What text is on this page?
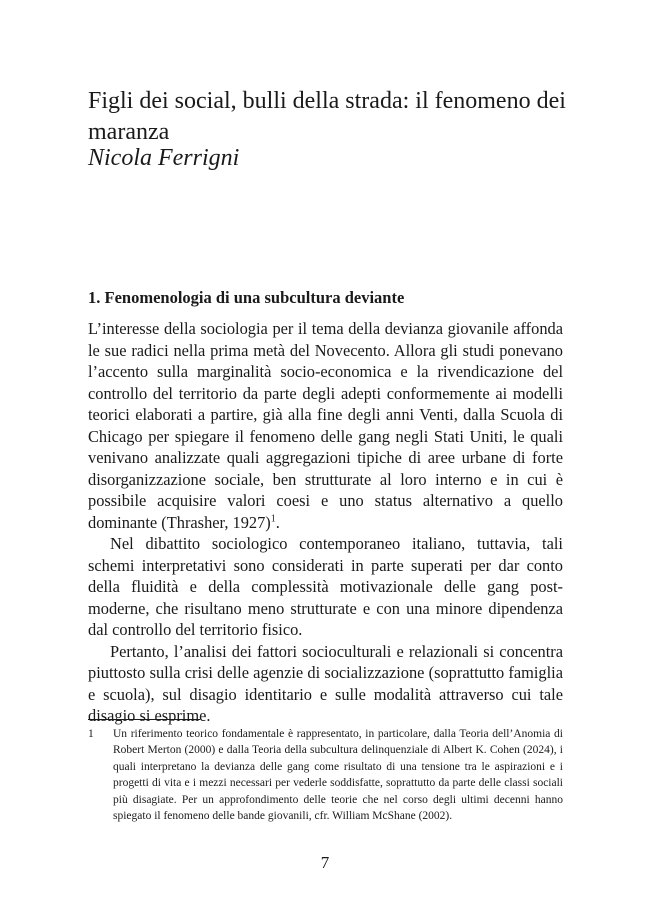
Figli dei social, bulli della strada: il fenomeno dei maranza
Nicola Ferrigni
1. Fenomenologia di una subcultura deviante

L’interesse della sociologia per il tema della devianza giovanile affonda le sue radici nella prima metà del Novecento. Allora gli studi ponevano l’accento sulla marginalità socio-economica e la rivendicazione del controllo del territorio da parte degli adepti conformemente ai modelli teorici elaborati a partire, già alla fine degli anni Venti, dalla Scuola di Chicago per spiegare il fenomeno delle gang negli Stati Uniti, le quali venivano analizzate quali aggregazioni tipiche di aree urbane di forte disorganizzazione sociale, ben strutturate al loro interno e in cui è possibile acquisire valori coesi e uno status alternativo a quello dominante (Thrasher, 1927)$^1$.

Nel dibattito sociologico contemporaneo italiano, tuttavia, tali schemi interpretativi sono considerati in parte superati per dar conto della fluidità e della complessità motivazionale delle gang post-moderne, che risultano meno strutturate e con una minore dipendenza dal controllo del territorio fisico.

Pertanto, l’analisi dei fattori socioculturali e relazionali si concentra piuttosto sulla crisi delle agenzie di socializzazione (soprattutto famiglia e scuola), sul disagio identitario e sulle modalità attraverso cui tale disagio si esprime.

1	Un riferimento teorico fondamentale è rappresentato, in particolare, dalla Teoria dell’Anomia di Robert Merton (2000) e dalla Teoria della subcultura delinquenziale di Albert K. Cohen (2024), i quali interpretano la devianza delle gang come risultato di una tensione tra le aspirazioni e i progetti di vita e i mezzi necessari per vederle soddisfatte, soprattutto da parte delle classi sociali più disagiate. Per un approfondimento delle teorie che nel corso degli ultimi decenni hanno spiegato il fenomeno delle bande giovanili, cfr. William McShane (2002).

7
